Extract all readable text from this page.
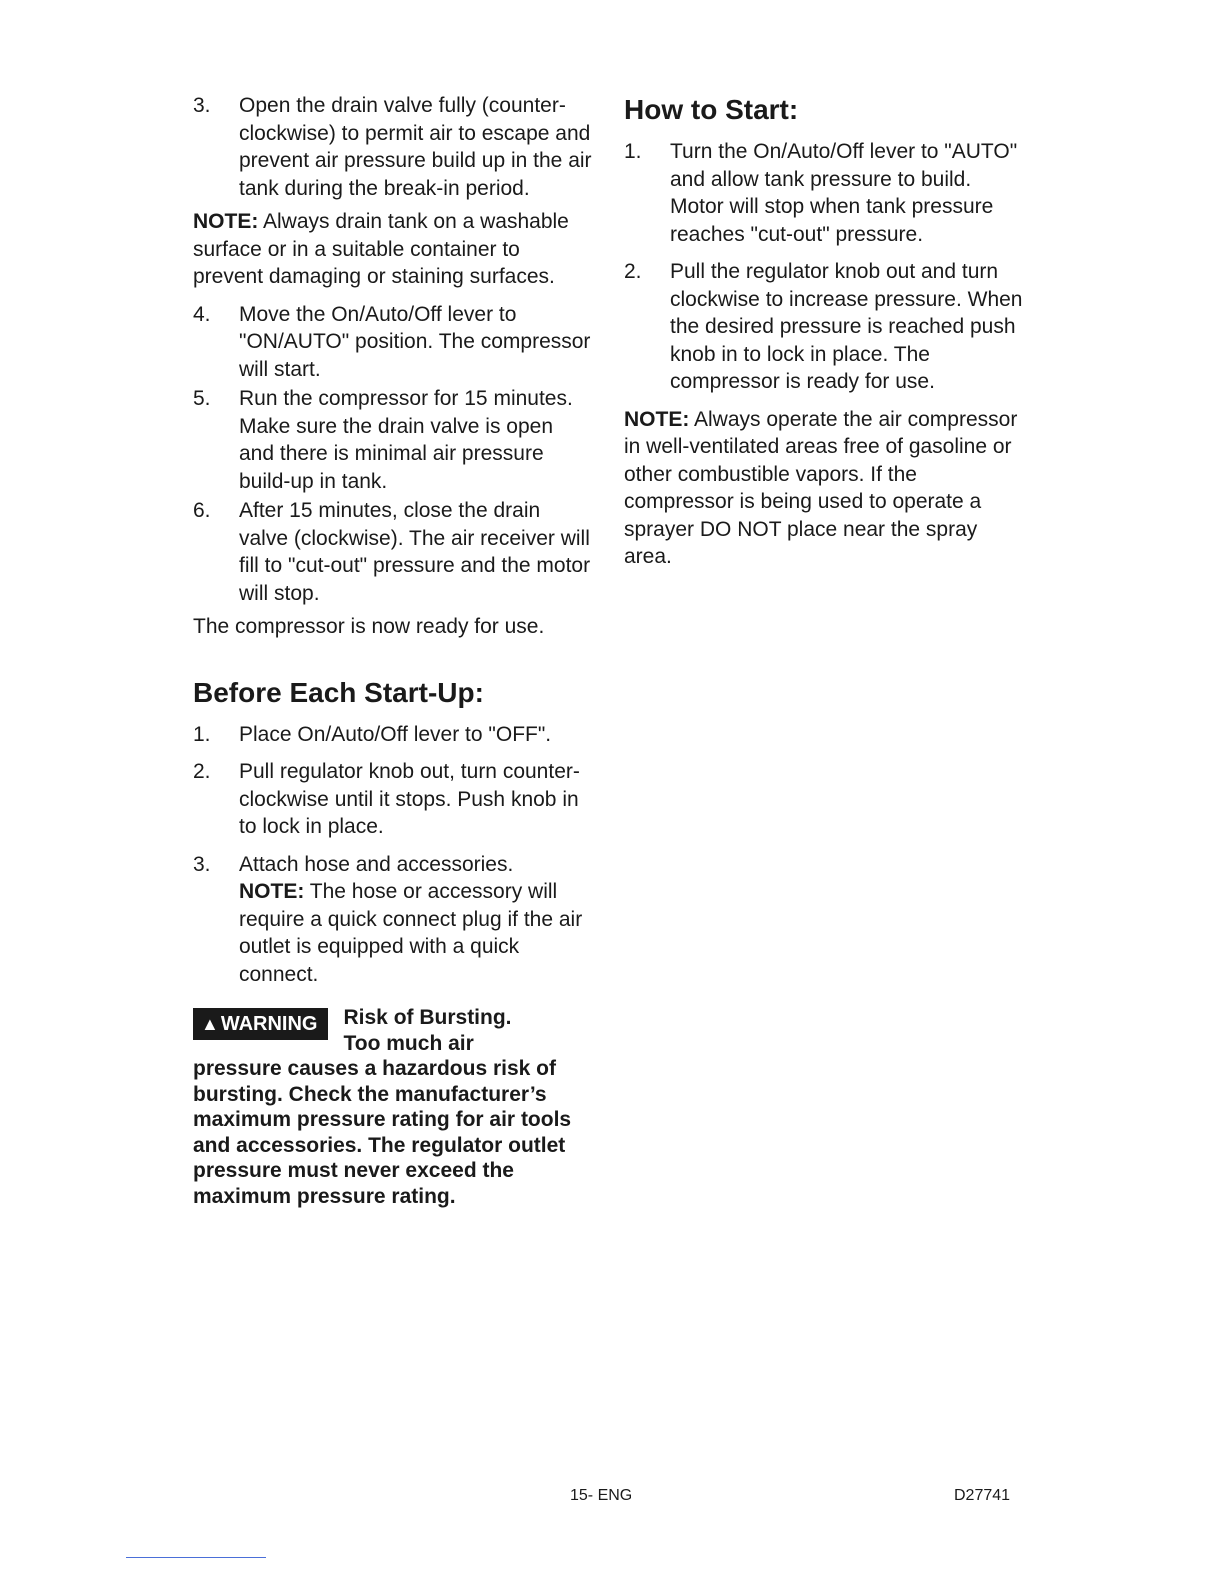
3.	Open the drain valve fully (counter-clockwise) to permit air to escape and prevent air pressure build up in the air tank during the break-in period.

NOTE: Always drain tank on a washable surface or in a suitable container to prevent damaging or staining surfaces.

4.	Move the On/Auto/Off lever to "ON/AUTO" position. The compressor will start.
5.	Run the compressor for 15 minutes. Make sure the drain valve is open and there is minimal air pressure build-up in tank.
6.	After 15 minutes, close the drain valve (clockwise). The air receiver will fill to "cut-out" pressure and the motor will stop.

The compressor is now ready for use.

Before Each Start-Up:
1.	Place On/Auto/Off lever to "OFF".
2.	Pull regulator knob out, turn counter-clockwise until it stops. Push knob in to lock in place.
3.	Attach hose and accessories.
NOTE: The hose or accessory will require a quick connect plug if the air outlet is equipped with a quick connect.
▲ WARNING Risk of Bursting.
Too much air
pressure causes a hazardous risk of bursting. Check the manufacturer’s maximum pressure rating for air tools and accessories. The regulator outlet pressure must never exceed the maximum pressure rating.
How to Start:
1.	Turn the On/Auto/Off lever to "AUTO" and allow tank pressure to build. Motor will stop when tank pressure reaches "cut-out" pressure.
2.	Pull the regulator knob out and turn clockwise to increase pressure. When the desired pressure is reached push knob in to lock in place. The compressor is ready for use.

NOTE: Always operate the air compressor in well-ventilated areas free of gasoline or other combustible vapors. If the compressor is being used to operate a sprayer DO NOT place near the spray area.

15- ENG	D27741
